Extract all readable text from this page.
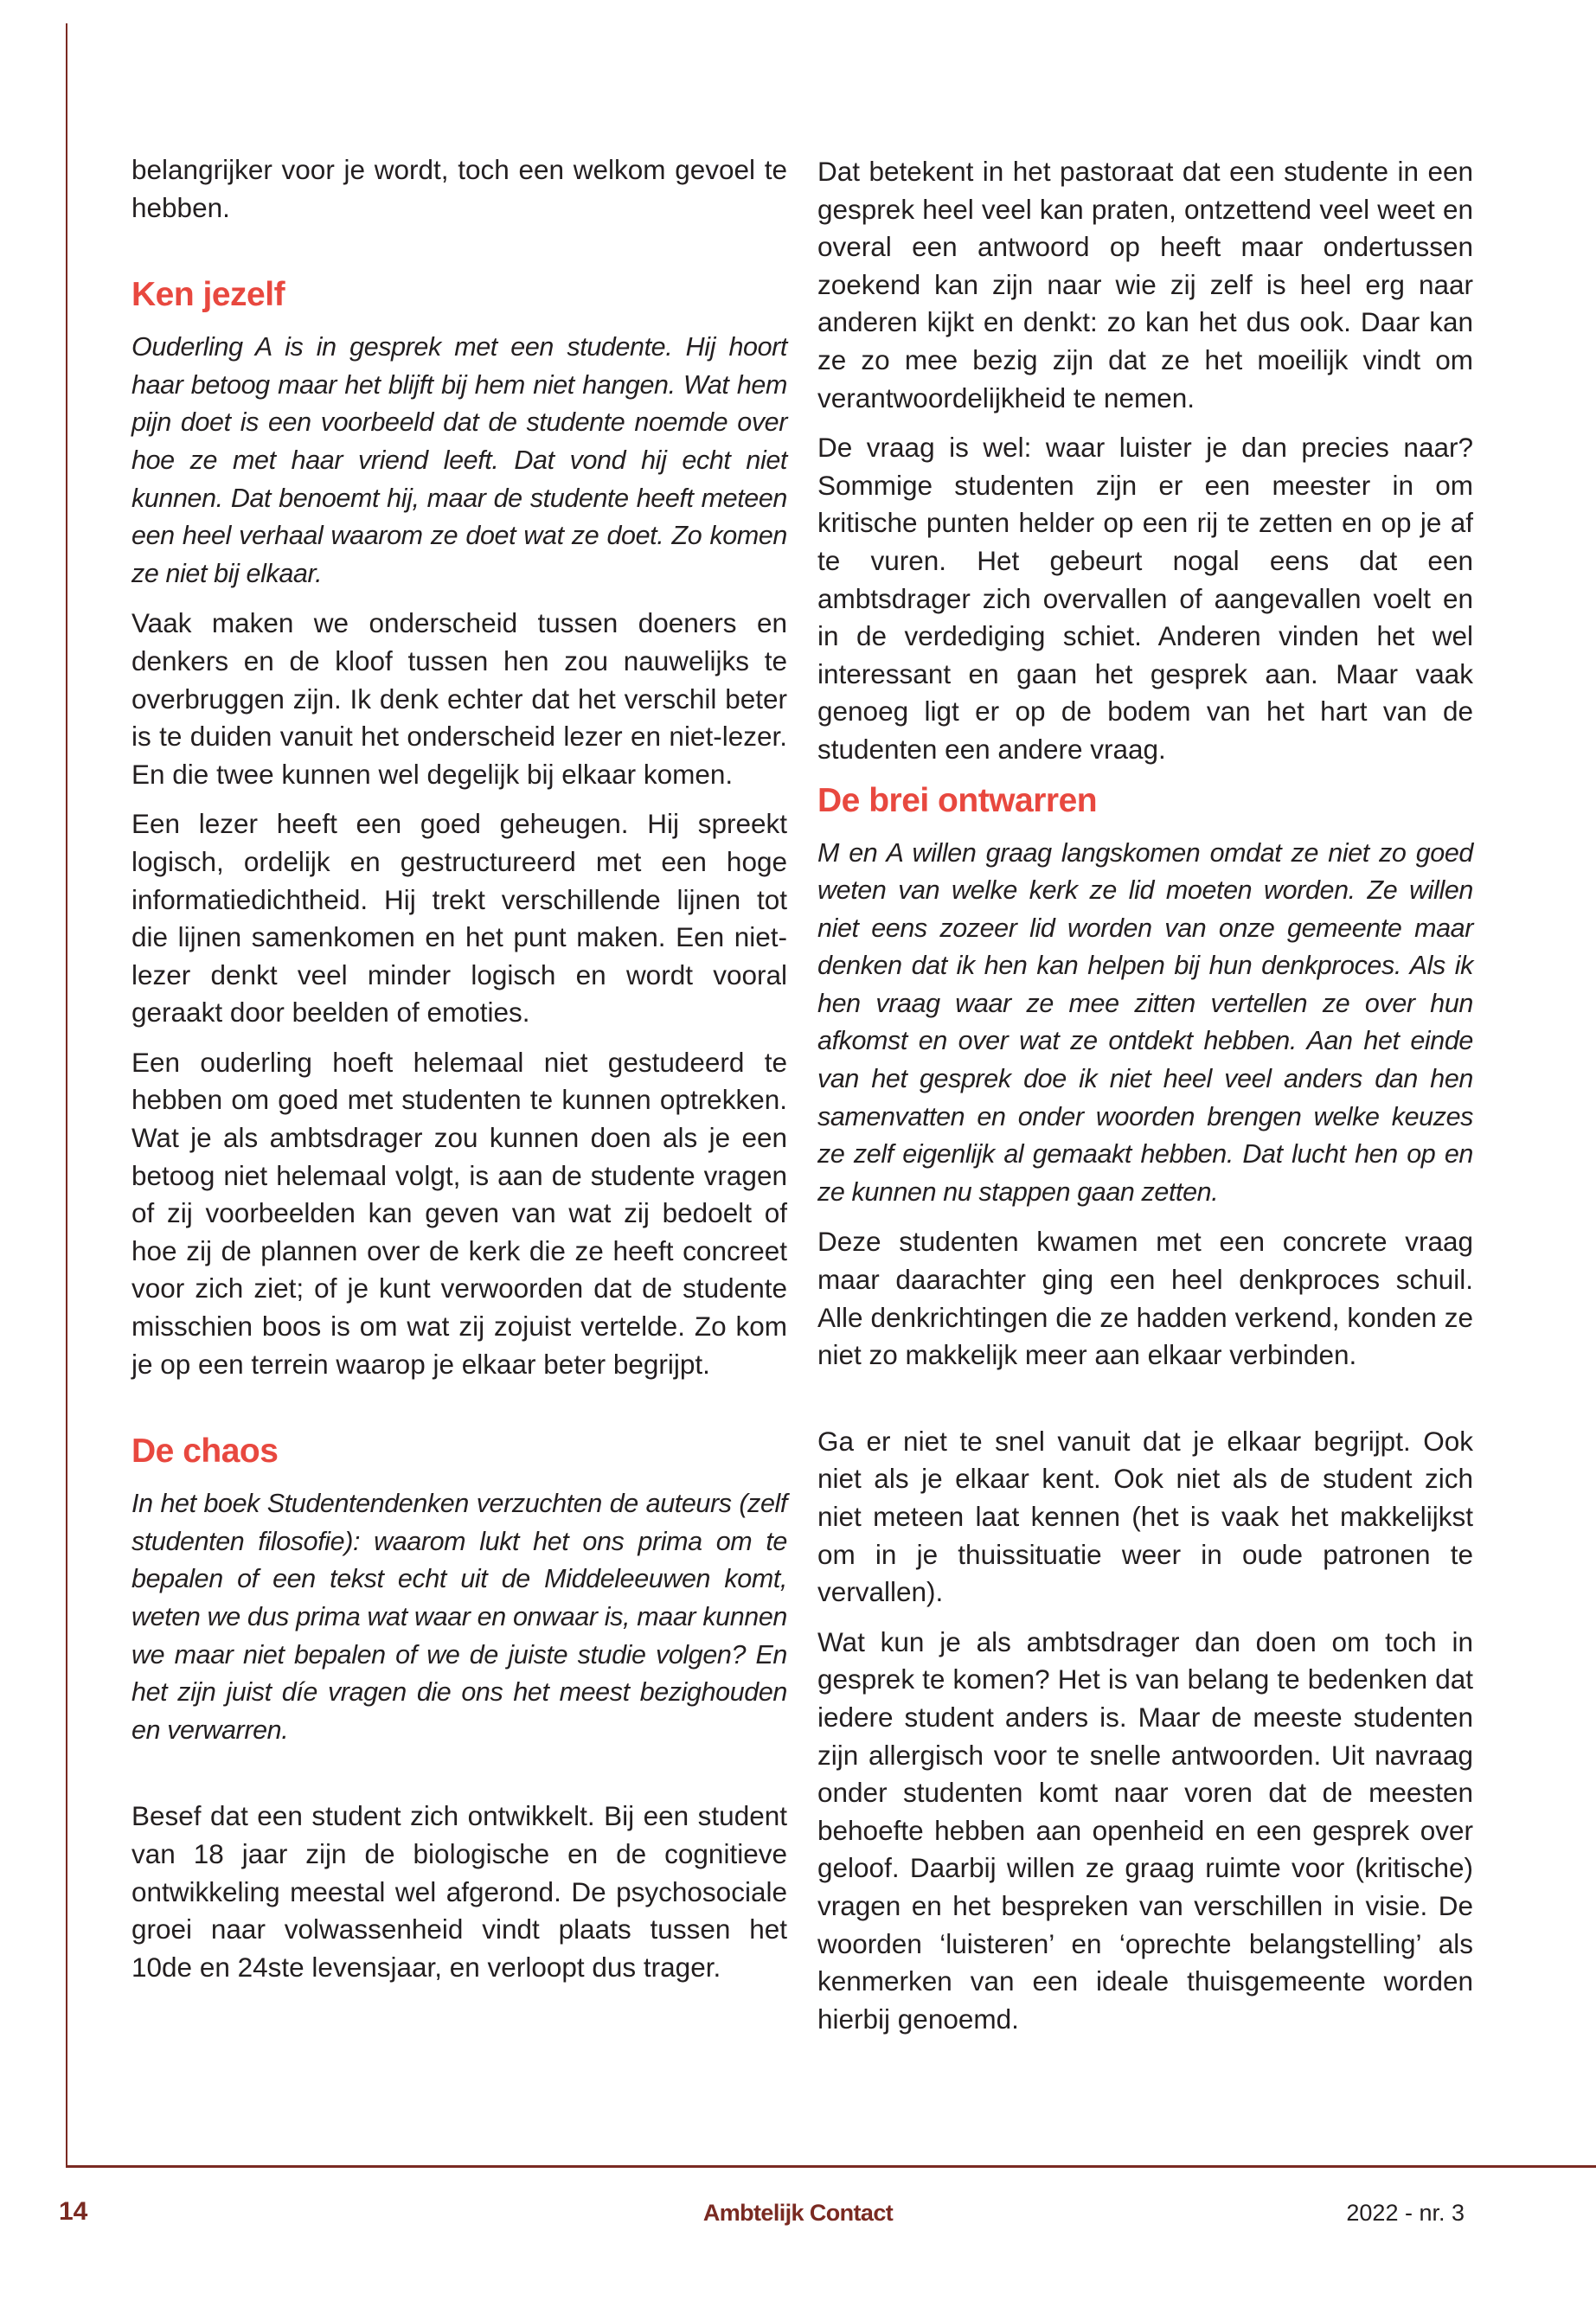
belangrijker voor je wordt, toch een welkom gevoel te hebben.

Ken jezelf

Ouderling A is in gesprek met een studente. Hij hoort haar betoog maar het blijft bij hem niet hangen. Wat hem pijn doet is een voorbeeld dat de studente noemde over hoe ze met haar vriend leeft. Dat vond hij echt niet kunnen. Dat benoemt hij, maar de studente heeft meteen een heel verhaal waarom ze doet wat ze doet. Zo komen ze niet bij elkaar.

Vaak maken we onderscheid tussen doeners en denkers en de kloof tussen hen zou nauwelijks te overbruggen zijn. Ik denk echter dat het verschil beter is te duiden vanuit het onderscheid lezer en niet-lezer. En die twee kunnen wel degelijk bij elkaar komen.

Een lezer heeft een goed geheugen. Hij spreekt logisch, ordelijk en gestructureerd met een hoge informatiedichtheid. Hij trekt verschillende lijnen tot die lijnen samenkomen en het punt maken. Een niet-lezer denkt veel minder logisch en wordt vooral geraakt door beelden of emoties.

Een ouderling hoeft helemaal niet gestudeerd te hebben om goed met studenten te kunnen optrekken. Wat je als ambtsdrager zou kunnen doen als je een betoog niet helemaal volgt, is aan de studente vragen of zij voorbeelden kan geven van wat zij bedoelt of hoe zij de plannen over de kerk die ze heeft concreet voor zich ziet; of je kunt verwoorden dat de studente misschien boos is om wat zij zojuist vertelde. Zo kom je op een terrein waarop je elkaar beter begrijpt.

De chaos

In het boek Studentendenken verzuchten de auteurs (zelf studenten filosofie): waarom lukt het ons prima om te bepalen of een tekst echt uit de Middeleeuwen komt, weten we dus prima wat waar en onwaar is, maar kunnen we maar niet bepalen of we de juiste studie volgen? En het zijn juist díe vragen die ons het meest bezighouden en verwarren.

Besef dat een student zich ontwikkelt. Bij een student van 18 jaar zijn de biologische en de cognitieve ontwikkeling meestal wel afgerond. De psychosociale groei naar volwassenheid vindt plaats tussen het 10de en 24ste levensjaar, en verloopt dus trager.

Dat betekent in het pastoraat dat een studente in een gesprek heel veel kan praten, ontzettend veel weet en overal een antwoord op heeft maar ondertussen zoekend kan zijn naar wie zij zelf is heel erg naar anderen kijkt en denkt: zo kan het dus ook. Daar kan ze zo mee bezig zijn dat ze het moeilijk vindt om verantwoordelijkheid te nemen.

De vraag is wel: waar luister je dan precies naar? Sommige studenten zijn er een meester in om kritische punten helder op een rij te zetten en op je af te vuren. Het gebeurt nogal eens dat een ambtsdrager zich overvallen of aangevallen voelt en in de verdediging schiet. Anderen vinden het wel interessant en gaan het gesprek aan. Maar vaak genoeg ligt er op de bodem van het hart van de studenten een andere vraag.

De brei ontwarren

M en A willen graag langskomen omdat ze niet zo goed weten van welke kerk ze lid moeten worden. Ze willen niet eens zozeer lid worden van onze gemeente maar denken dat ik hen kan helpen bij hun denkproces. Als ik hen vraag waar ze mee zitten vertellen ze over hun afkomst en over wat ze ontdekt hebben. Aan het einde van het gesprek doe ik niet heel veel anders dan hen samenvatten en onder woorden brengen welke keuzes ze zelf eigenlijk al gemaakt hebben. Dat lucht hen op en ze kunnen nu stappen gaan zetten.

Deze studenten kwamen met een concrete vraag maar daarachter ging een heel denkproces schuil. Alle denkrichtingen die ze hadden verkend, konden ze niet zo makkelijk meer aan elkaar verbinden.

Ga er niet te snel vanuit dat je elkaar begrijpt. Ook niet als je elkaar kent. Ook niet als de student zich niet meteen laat kennen (het is vaak het makkelijkst om in je thuissituatie weer in oude patronen te vervallen).

Wat kun je als ambtsdrager dan doen om toch in gesprek te komen? Het is van belang te bedenken dat iedere student anders is. Maar de meeste studenten zijn allergisch voor te snelle antwoorden. Uit navraag onder studenten komt naar voren dat de meesten behoefte hebben aan openheid en een gesprek over geloof. Daarbij willen ze graag ruimte voor (kritische) vragen en het bespreken van verschillen in visie. De woorden ‘luisteren’ en ‘oprechte belangstelling’ als kenmerken van een ideale thuisgemeente worden hierbij genoemd.

14	Ambtelijk Contact	2022 - nr. 3
